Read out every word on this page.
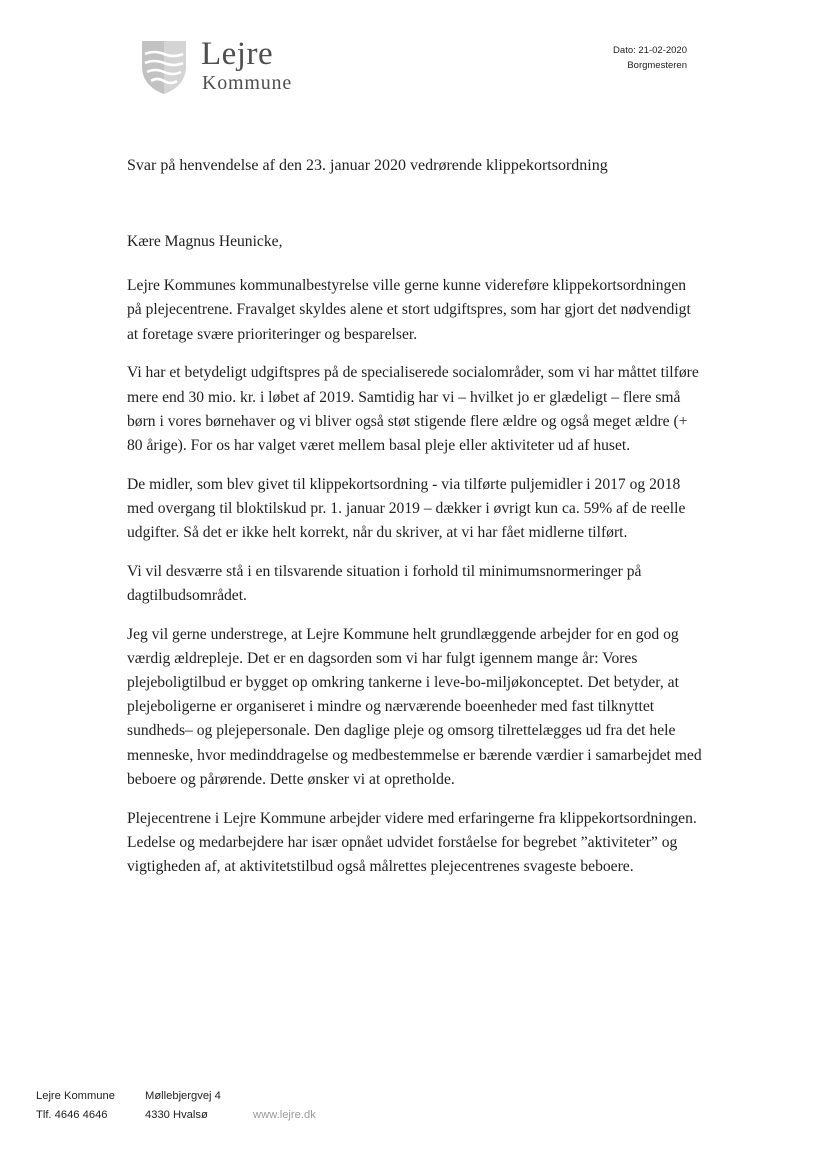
Lejre
Kommune
Dato: 21-02-2020
Borgmesteren
Svar på henvendelse af den 23. januar 2020 vedrørende klippekortsordning

Kære Magnus Heunicke,

Lejre Kommunes kommunalbestyrelse ville gerne kunne videreføre klippekortsordningen på plejecentrene. Fravalget skyldes alene et stort udgiftspres, som har gjort det nødvendigt at foretage svære prioriteringer og besparelser.

Vi har et betydeligt udgiftspres på de specialiserede socialområder, som vi har måttet tilføre mere end 30 mio. kr. i løbet af 2019. Samtidig har vi – hvilket jo er glædeligt – flere små børn i vores børnehaver og vi bliver også støt stigende flere ældre og også meget ældre (+ 80 årige). For os har valget været mellem basal pleje eller aktiviteter ud af huset.

De midler, som blev givet til klippekortsordning - via tilførte puljemidler i 2017 og 2018 med overgang til bloktilskud pr. 1. januar 2019 – dækker i øvrigt kun ca. 59% af de reelle udgifter. Så det er ikke helt korrekt, når du skriver, at vi har fået midlerne tilført.

Vi vil desværre stå i en tilsvarende situation i forhold til minimumsnormeringer på dagtilbudsområdet.

Jeg vil gerne understrege, at Lejre Kommune helt grundlæggende arbejder for en god og værdig ældrepleje. Det er en dagsorden som vi har fulgt igennem mange år: Vores plejeboligtilbud er bygget op omkring tankerne i leve-bo-miljøkonceptet. Det betyder, at plejeboligerne er organiseret i mindre og nærværende boeenheder med fast tilknyttet sundheds– og plejepersonale. Den daglige pleje og omsorg tilrettelægges ud fra det hele menneske, hvor medinddragelse og medbestemmelse er bærende værdier i samarbejdet med beboere og pårørende. Dette ønsker vi at opretholde.

Plejecentrene i Lejre Kommune arbejder videre med erfaringerne fra klippekortsordningen. Ledelse og medarbejdere har især opnået udvidet forståelse for begrebet ”aktiviteter” og vigtigheden af, at aktivitetstilbud også målrettes plejecentrenes svageste beboere.

Lejre Kommune
Tlf. 4646 4646
Møllebjergvej 4
4330 Hvalsø	www.lejre.dk
